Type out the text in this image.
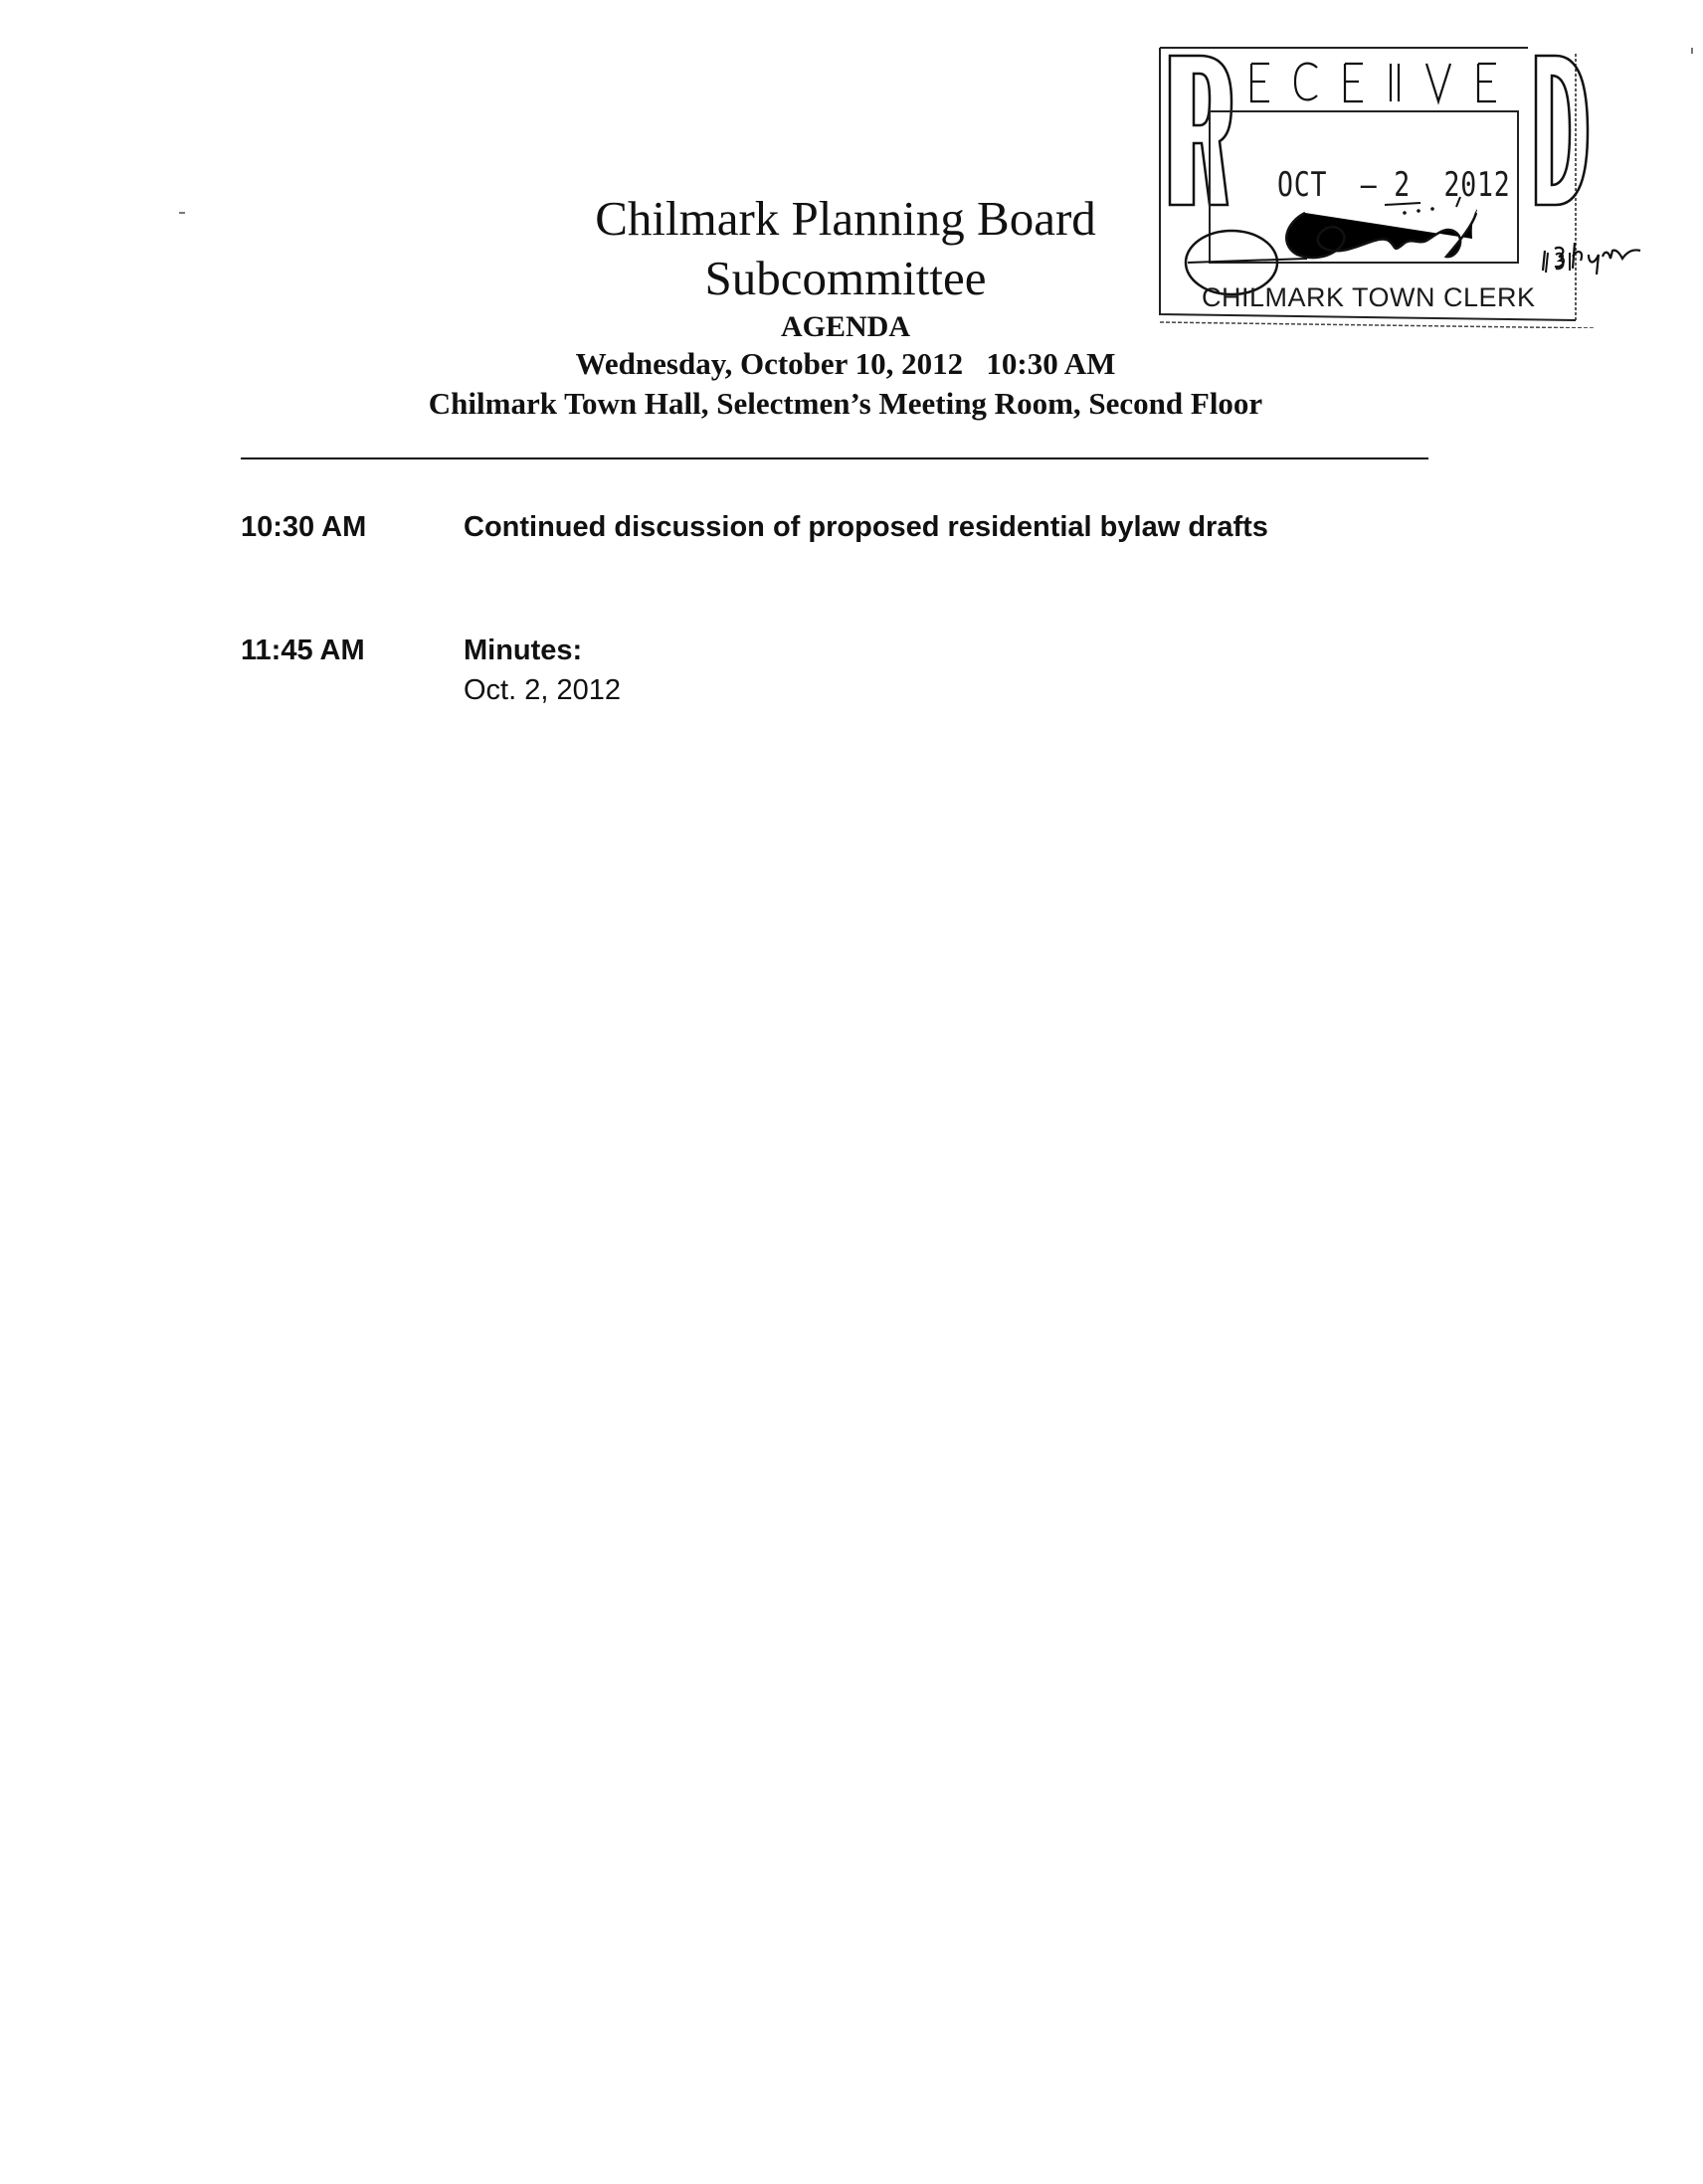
OCT  – 2  2012
CHILMARK TOWN CLERK
Chilmark Planning Board
Subcommittee
AGENDA
Wednesday, October 10, 2012   10:30 AM
Chilmark Town Hall, Selectmen’s Meeting Room, Second Floor
10:30 AM	Continued discussion of proposed residential bylaw drafts
11:45 AM	Minutes:
Oct. 2, 2012
